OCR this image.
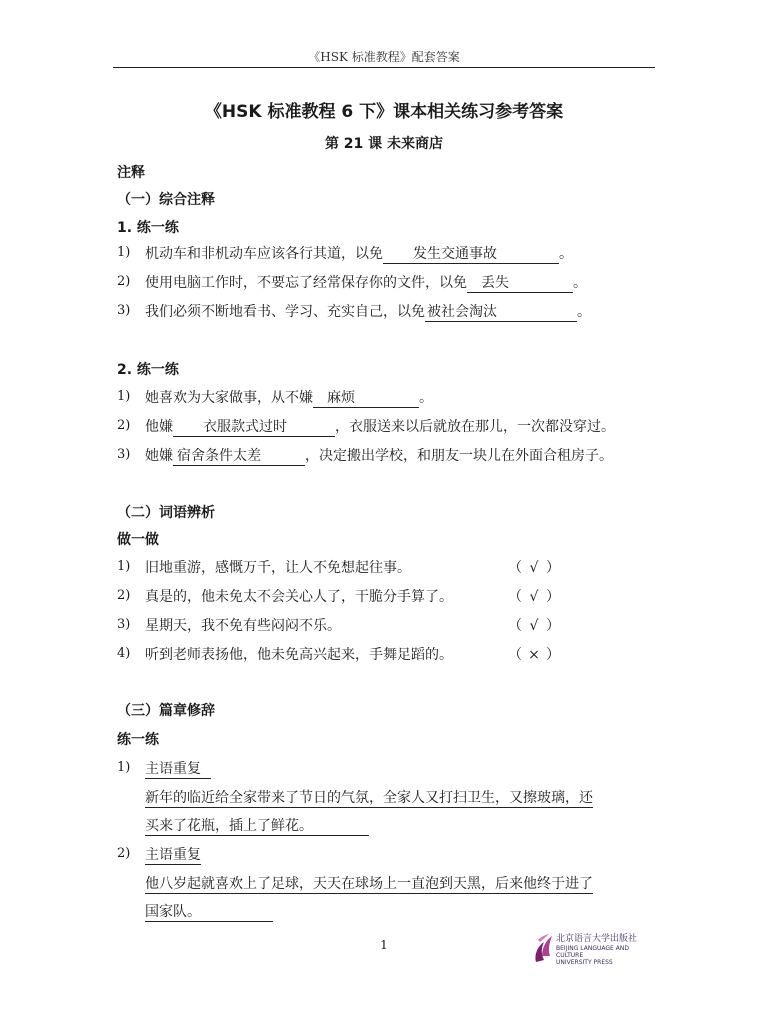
《HSK 标准教程》配套答案
《HSK 标准教程 6 下》课本相关练习参考答案
第 21 课 未来商店
注释
（一）综合注释
1. 练一练
1) 机动车和非机动车应该各行其道，以免 发生交通事故	。
2) 使用电脑工作时，不要忘了经常保存你的文件，以免 丢失	。
3) 我们必须不断地看书、学习、充实自己，以免 被社会淘汰	。
2. 练一练
1) 她喜欢为大家做事，从不嫌 麻烦	。
2) 他嫌 衣服款式过时	，衣服送来以后就放在那儿，一次都没穿过。
3) 她嫌 宿舍条件太差	，决定搬出学校，和朋友一块儿在外面合租房子。
（二）词语辨析
做一做
1) 旧地重游，感慨万千，让人不免想起往事。	（ √ ）
2) 真是的，他未免太不会关心人了，干脆分手算了。	（ √ ）
3) 星期天，我不免有些闷闷不乐。	（ √ ）
4) 听到老师表扬他，他未免高兴起来，手舞足蹈的。	（ × ）
（三）篇章修辞
练一练
1) 主语重复
新年的临近给全家带来了节日的气氛，全家人又打扫卫生，又擦玻璃，还
买来了花瓶，插上了鲜花。
2) 主语重复
他八岁起就喜欢上了足球，天天在球场上一直泡到天黑，后来他终于进了
国家队。
1	北京语言大学出版社
BEIJING LANGUAGE AND CULTURE
UNIVERSITY PRESS
